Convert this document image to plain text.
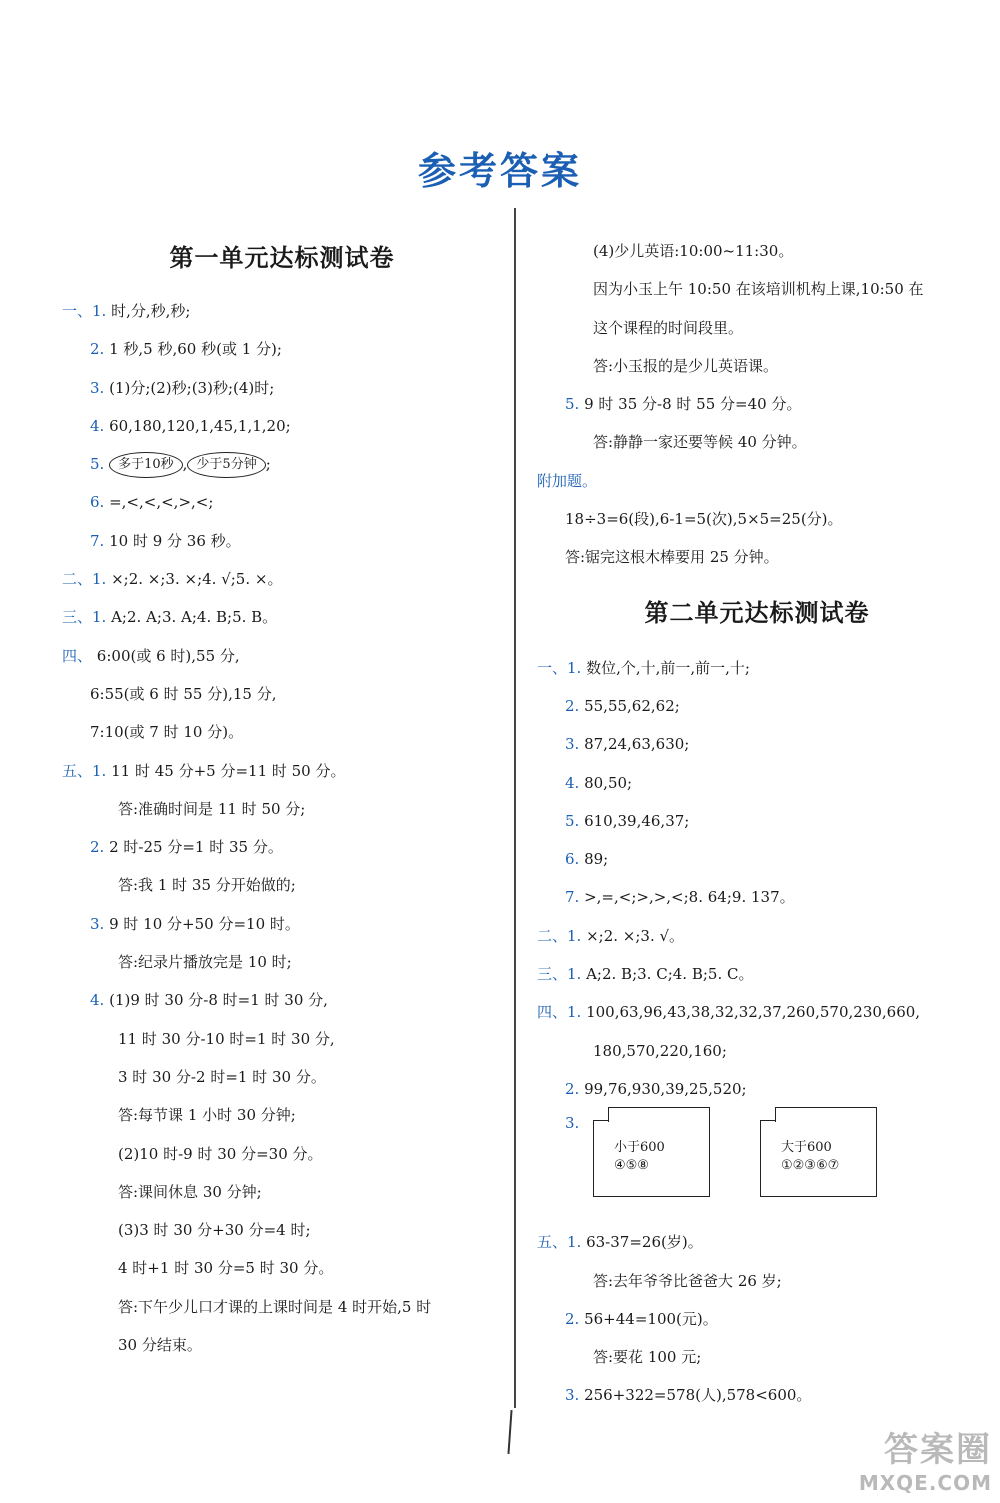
参考答案
第一单元达标测试卷
一、1. 时,分,秒,秒;
2. 1 秒,5 秒,60 秒(或 1 分);
3. (1)分;(2)秒;(3)秒;(4)时;
4. 60,180,120,1,45,1,1,20;
5. 多于10秒 , 少于5分钟 ;
6. =,<,<,<,>,<;
7. 10 时 9 分 36 秒。
二、1. ×;2. ×;3. ×;4. √;5. ×。
三、1. A;2. A;3. A;4. B;5. B。
四、 6:00(或 6 时),55 分,
6:55(或 6 时 55 分),15 分,
7:10(或 7 时 10 分)。
五、1. 11 时 45 分+5 分=11 时 50 分。
答:准确时间是 11 时 50 分;
2. 2 时-25 分=1 时 35 分。
答:我 1 时 35 分开始做的;
3. 9 时 10 分+50 分=10 时。
答:纪录片播放完是 10 时;
4. (1)9 时 30 分-8 时=1 时 30 分,
11 时 30 分-10 时=1 时 30 分,
3 时 30 分-2 时=1 时 30 分。
答:每节课 1 小时 30 分钟;
(2)10 时-9 时 30 分=30 分。
答:课间休息 30 分钟;
(3)3 时 30 分+30 分=4 时;
4 时+1 时 30 分=5 时 30 分。
答:下午少儿口才课的上课时间是 4 时开始,5 时
30 分结束。
(4)少儿英语:10:00~11:30。
因为小玉上午 10:50 在该培训机构上课,10:50 在
这个课程的时间段里。
答:小玉报的是少儿英语课。
5. 9 时 35 分-8 时 55 分=40 分。
答:静静一家还要等候 40 分钟。
附加题。
18÷3=6(段),6-1=5(次),5×5=25(分)。
答:锯完这根木棒要用 25 分钟。
第二单元达标测试卷
一、1. 数位,个,十,前一,前一,十;
2. 55,55,62,62;
3. 87,24,63,630;
4. 80,50;
5. 610,39,46,37;
6. 89;
7. >,=,<;>,>,<;8. 64;9. 137。
二、1. ×;2. ×;3. √。
三、1. A;2. B;3. C;4. B;5. C。
四、1. 100,63,96,43,38,32,32,37,260,570,230,660,
180,570,220,160;
2. 99,76,930,39,25,520;
3.
小于600
④⑤⑧
大于600
①②③⑥⑦
五、1. 63-37=26(岁)。
答:去年爷爷比爸爸大 26 岁;
2. 56+44=100(元)。
答:要花 100 元;
3. 256+322=578(人),578<600。
答案圈
MXQE.COM
